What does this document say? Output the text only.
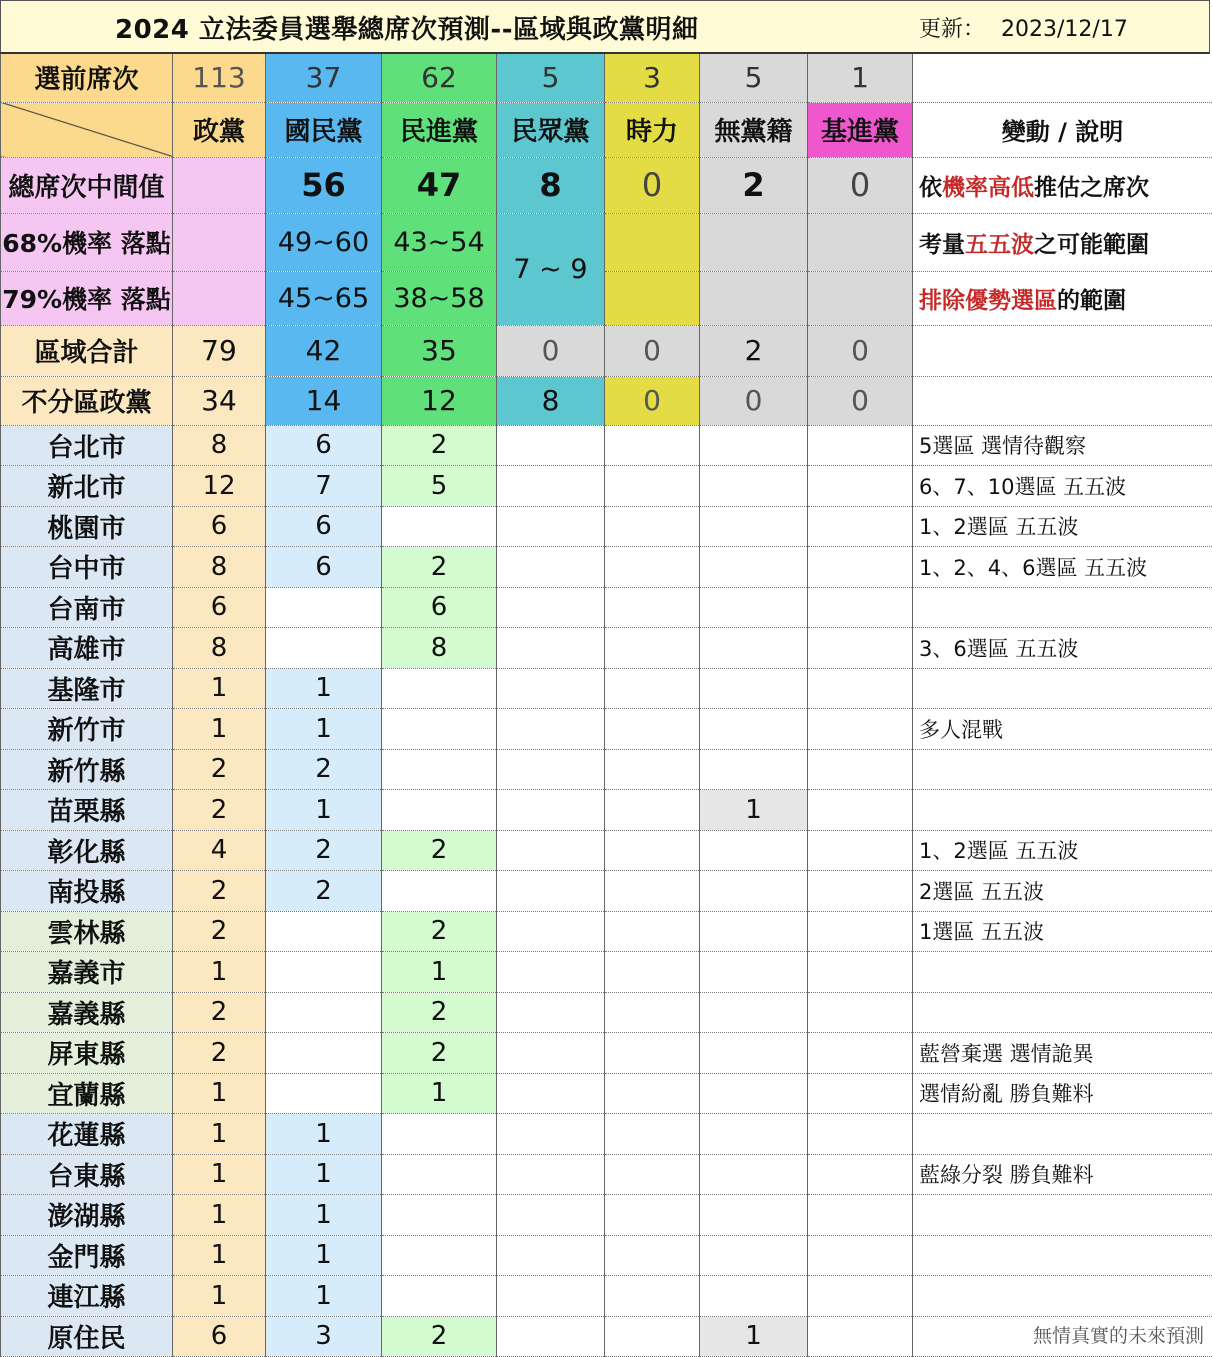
2024 立法委員選舉總席次預測--區域與政黨明細	更新： 2023/12/17
選前席次	113	37	62	5	3	5	1	
	政黨	國民黨	民進黨	民眾黨	時力	無黨籍	基進黨	變動 / 說明
總席次中間值		56	47	8	0	2	0	依機率高低推估之席次
68%機率 落點		49~60	43~54	7 ~ 9				考量五五波之可能範圍
79%機率 落點		45~65	38~58					排除優勢選區的範圍
區域合計	79	42	35	0	0	2	0	
不分區政黨	34	14	12	8	0	0	0	
台北市	8	6	2					5選區 選情待觀察
新北市	12	7	5					6、7、10選區 五五波
桃園市	6	6						1、2選區 五五波
台中市	8	6	2					1、2、4、6選區 五五波
台南市	6		6					
高雄市	8		8					3、6選區 五五波
基隆市	1	1						
新竹市	1	1						多人混戰
新竹縣	2	2						
苗栗縣	2	1				1		
彰化縣	4	2	2					1、2選區 五五波
南投縣	2	2						2選區 五五波
雲林縣	2		2					1選區 五五波
嘉義市	1		1					
嘉義縣	2		2					
屏東縣	2		2					藍營棄選 選情詭異
宜蘭縣	1		1					選情紛亂 勝負難料
花蓮縣	1	1						
台東縣	1	1						藍綠分裂 勝負難料
澎湖縣	1	1						
金門縣	1	1						
連江縣	1	1						
原住民	6	3	2			1			無情真實的未來預測
